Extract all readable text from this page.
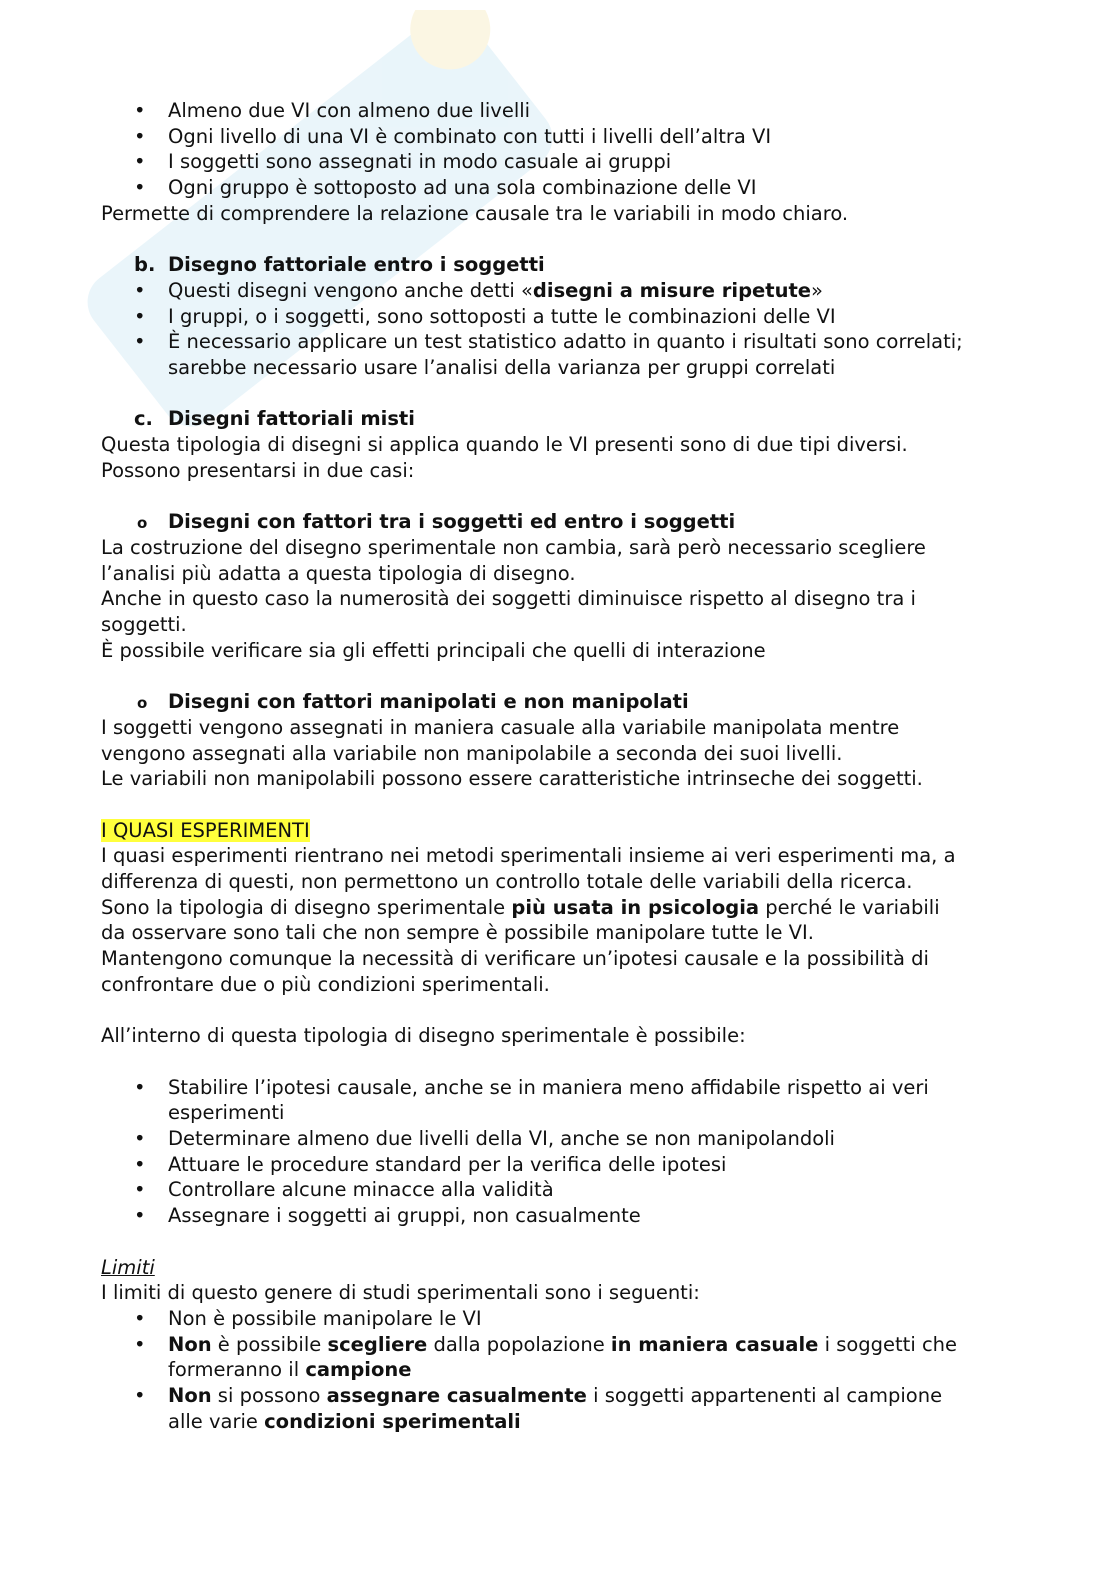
• Almeno due VI con almeno due livelli
• Ogni livello di una VI è combinato con tutti i livelli dell’altra VI
• I soggetti sono assegnati in modo casuale ai gruppi
• Ogni gruppo è sottoposto ad una sola combinazione delle VI
Permette di comprendere la relazione causale tra le variabili in modo chiaro.
b. Disegno fattoriale entro i soggetti
• Questi disegni vengono anche detti «disegni a misure ripetute»
• I gruppi, o i soggetti, sono sottoposti a tutte le combinazioni delle VI
• È necessario applicare un test statistico adatto in quanto i risultati sono correlati;
sarebbe necessario usare l’analisi della varianza per gruppi correlati
c. Disegni fattoriali misti
Questa tipologia di disegni si applica quando le VI presenti sono di due tipi diversi.
Possono presentarsi in due casi:
o Disegni con fattori tra i soggetti ed entro i soggetti
La costruzione del disegno sperimentale non cambia, sarà però necessario scegliere
l’analisi più adatta a questa tipologia di disegno.
Anche in questo caso la numerosità dei soggetti diminuisce rispetto al disegno tra i
soggetti.
È possibile verificare sia gli effetti principali che quelli di interazione
o Disegni con fattori manipolati e non manipolati
I soggetti vengono assegnati in maniera casuale alla variabile manipolata mentre
vengono assegnati alla variabile non manipolabile a seconda dei suoi livelli.
Le variabili non manipolabili possono essere caratteristiche intrinseche dei soggetti.
I QUASI ESPERIMENTI
I quasi esperimenti rientrano nei metodi sperimentali insieme ai veri esperimenti ma, a
differenza di questi, non permettono un controllo totale delle variabili della ricerca.
Sono la tipologia di disegno sperimentale più usata in psicologia perché le variabili
da osservare sono tali che non sempre è possibile manipolare tutte le VI.
Mantengono comunque la necessità di verificare un’ipotesi causale e la possibilità di
confrontare due o più condizioni sperimentali.
All’interno di questa tipologia di disegno sperimentale è possibile:
• Stabilire l’ipotesi causale, anche se in maniera meno affidabile rispetto ai veri
esperimenti
• Determinare almeno due livelli della VI, anche se non manipolandoli
• Attuare le procedure standard per la verifica delle ipotesi
• Controllare alcune minacce alla validità
• Assegnare i soggetti ai gruppi, non casualmente
Limiti
I limiti di questo genere di studi sperimentali sono i seguenti:
• Non è possibile manipolare le VI
• Non è possibile scegliere dalla popolazione in maniera casuale i soggetti che
formeranno il campione
• Non si possono assegnare casualmente i soggetti appartenenti al campione
alle varie condizioni sperimentali
